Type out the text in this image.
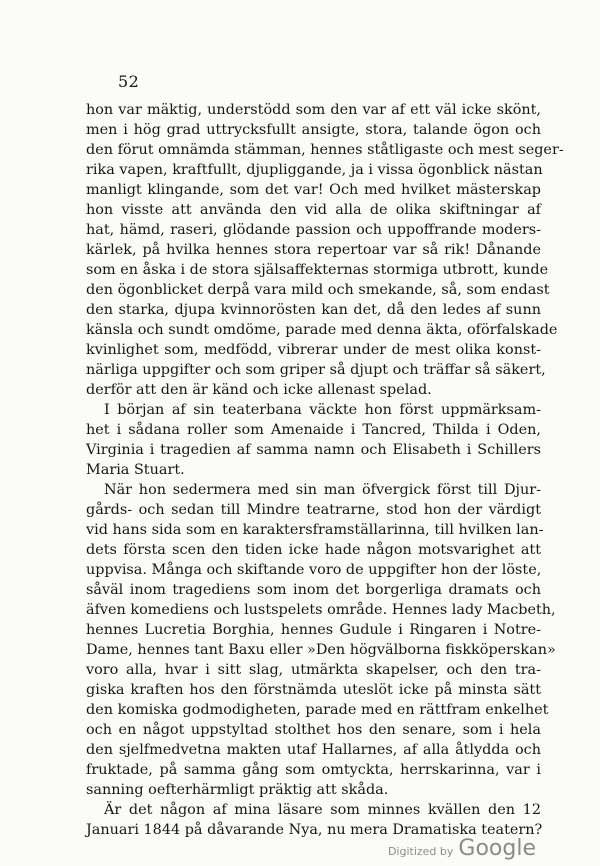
52
hon var mäktig, understödd som den var af ett väl icke skönt,
men i hög grad uttrycksfullt ansigte, stora, talande ögon och
den förut omnämda stämman, hennes ståtligaste och mest seger-
rika vapen, kraftfullt, djupliggande, ja i vissa ögonblick nästan
manligt klingande, som det var! Och med hvilket mästerskap
hon visste att använda den vid alla de olika skiftningar af
hat, hämd, raseri, glödande passion och uppoffrande moders-
kärlek, på hvilka hennes stora repertoar var så rik! Dånande
som en åska i de stora själsaffekternas stormiga utbrott, kunde
den ögonblicket derpå vara mild och smekande, så, som endast
den starka, djupa kvinnorösten kan det, då den ledes af sunn
känsla och sundt omdöme, parade med denna äkta, oförfalskade
kvinlighet som, medfödd, vibrerar under de mest olika konst-
närliga uppgifter och som griper så djupt och träffar så säkert,
derför att den är känd och icke allenast spelad.
I början af sin teaterbana väckte hon först uppmärksam-
het i sådana roller som Amenaide i Tancred, Thilda i Oden,
Virginia i tragedien af samma namn och Elisabeth i Schillers
Maria Stuart.
När hon sedermera med sin man öfvergick först till Djur-
gårds- och sedan till Mindre teatrarne, stod hon der värdigt
vid hans sida som en karaktersframställarinna, till hvilken lan-
dets första scen den tiden icke hade någon motsvarighet att
uppvisa. Många och skiftande voro de uppgifter hon der löste,
såväl inom tragediens som inom det borgerliga dramats och
äfven komediens och lustspelets område. Hennes lady Macbeth,
hennes Lucretia Borghia, hennes Gudule i Ringaren i Notre-
Dame, hennes tant Baxu eller »Den högvälborna fiskköperskan»
voro alla, hvar i sitt slag, utmärkta skapelser, och den tra-
giska kraften hos den förstnämda uteslöt icke på minsta sätt
den komiska godmodigheten, parade med en rättfram enkelhet
och en något uppstyltad stolthet hos den senare, som i hela
den sjelfmedvetna makten utaf Hallarnes, af alla åtlydda och
fruktade, på samma gång som omtyckta, herrskarinna, var i
sanning oefterhärmligt präktig att skåda.
Är det någon af mina läsare som minnes kvällen den 12
Januari 1844 på dåvarande Nya, nu mera Dramatiska teatern?
Digitized by Google
